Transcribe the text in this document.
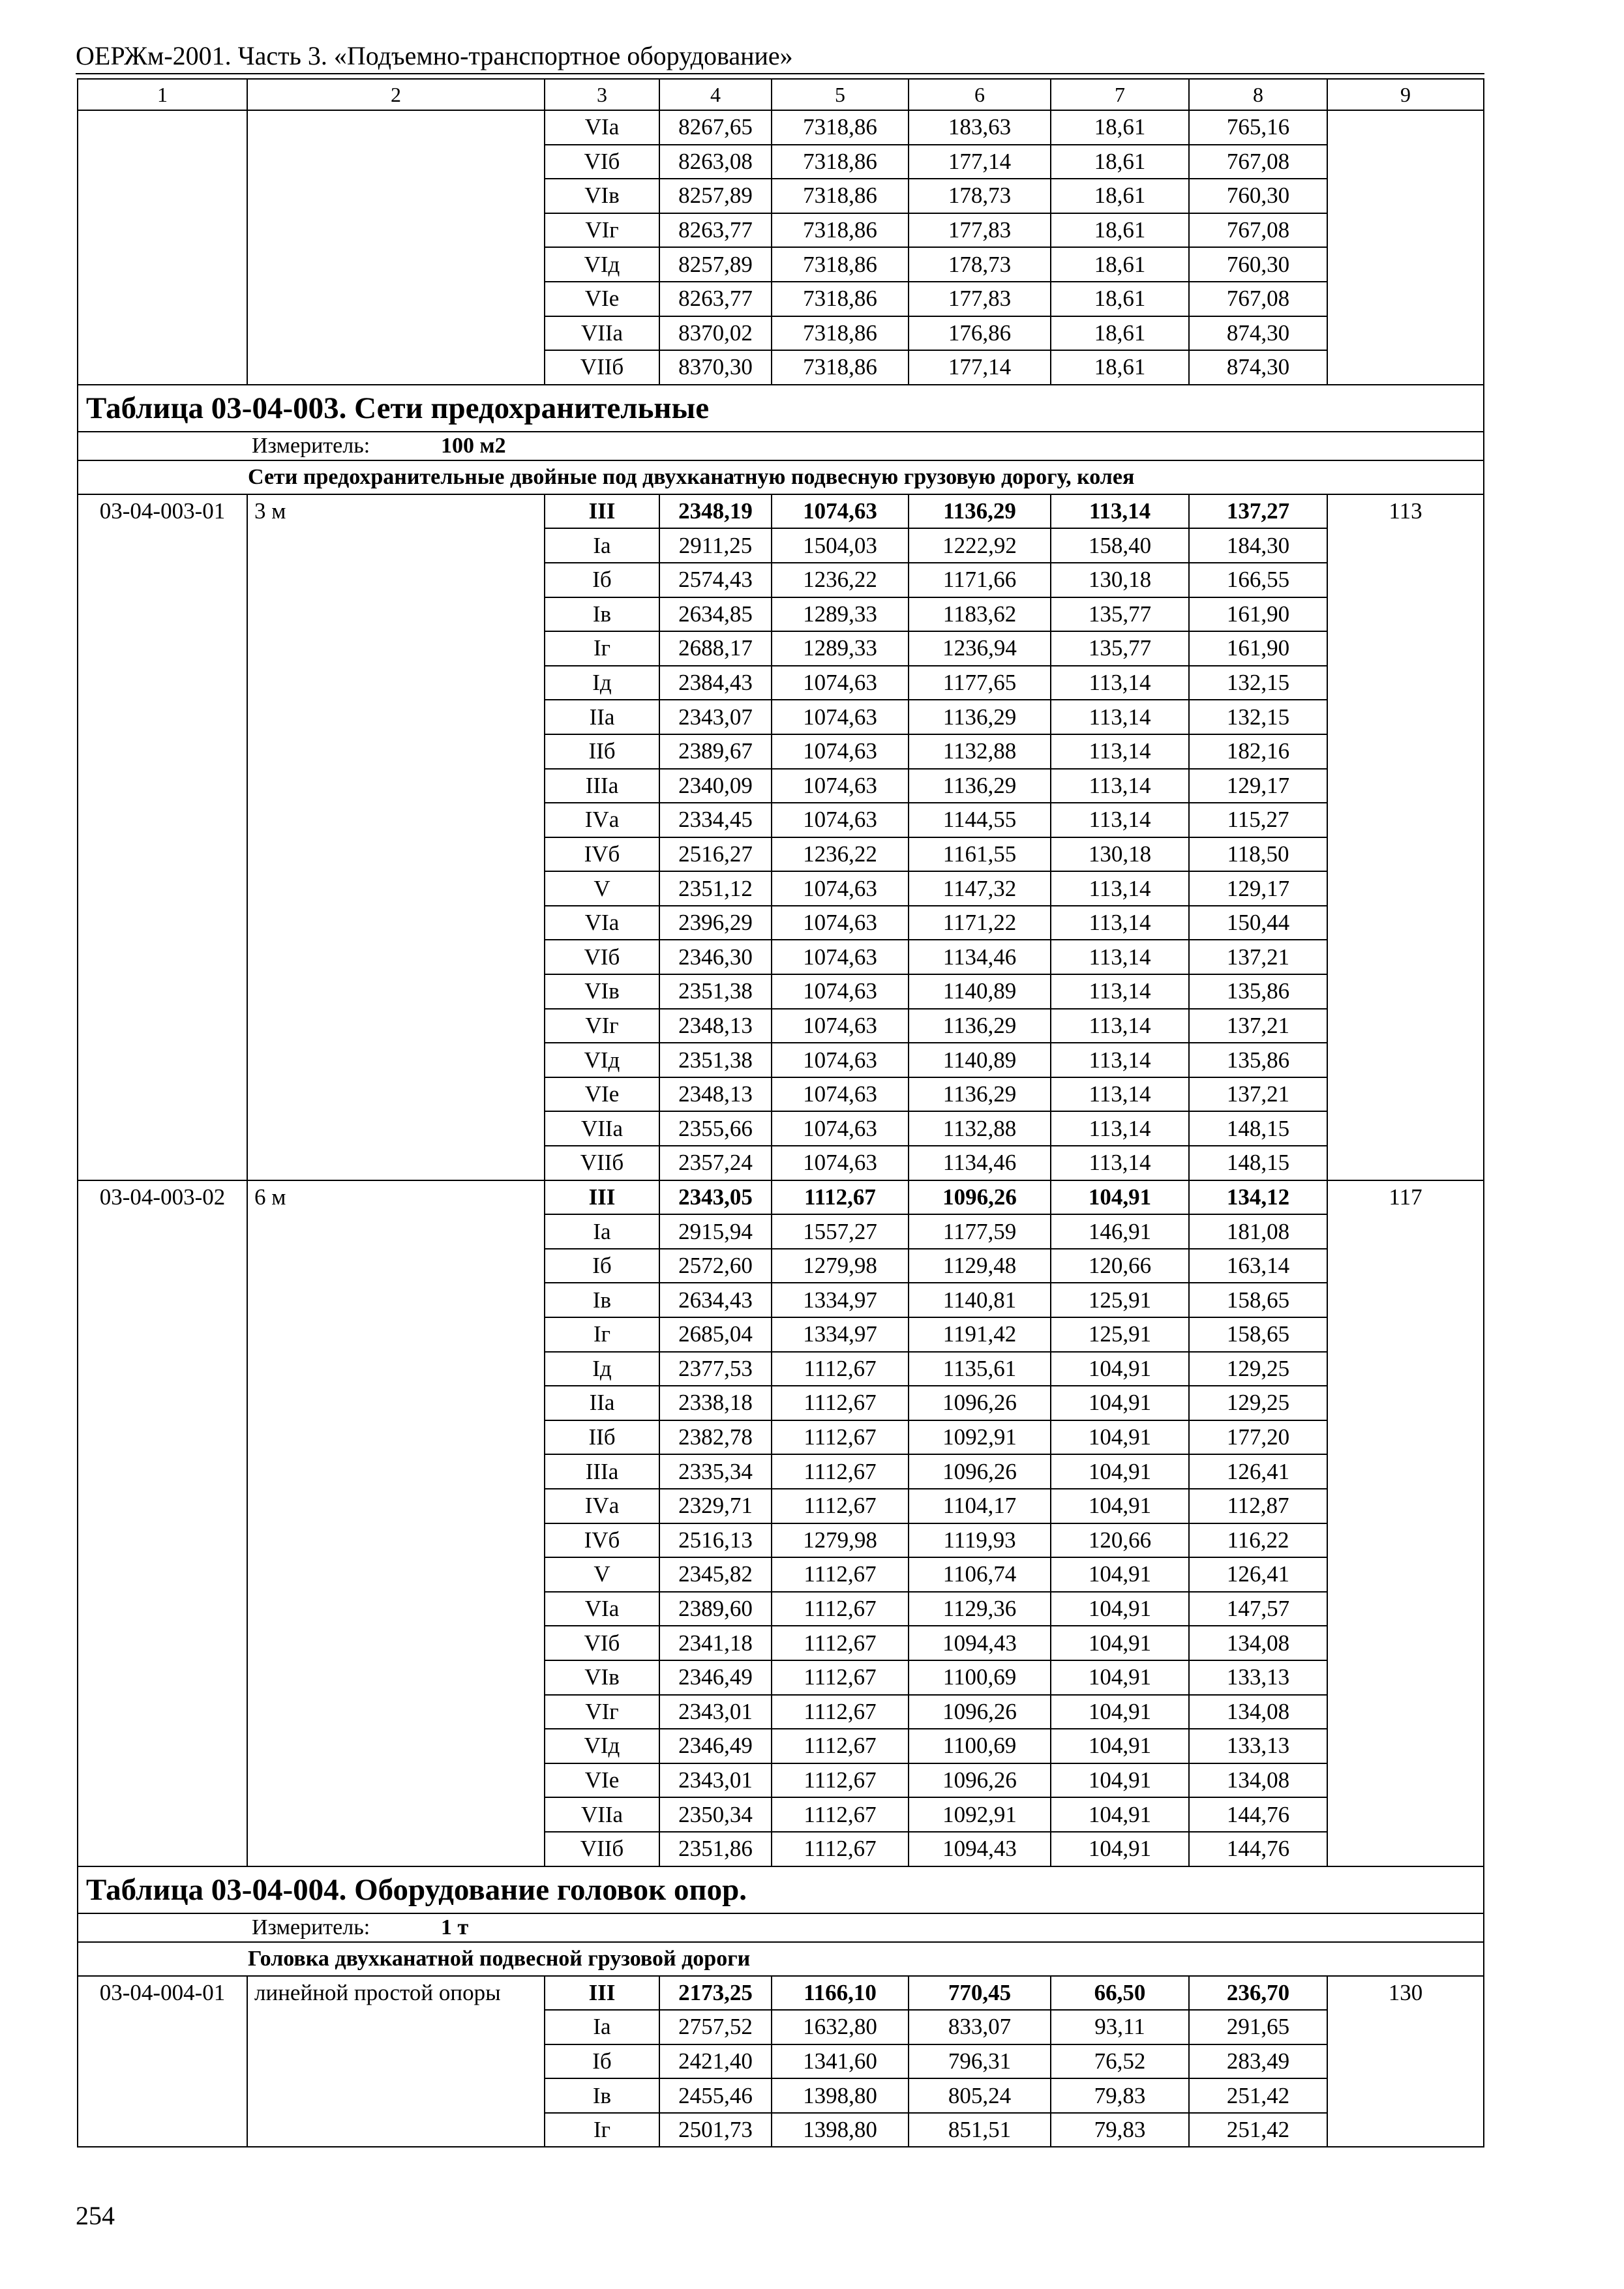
ОЕРЖм-2001. Часть 3. «Подъемно-транспортное оборудование»
1	2	3	4	5	6	7	8	9
		VIа	8267,65	7318,86	183,63	18,61	765,16	
		VIб	8263,08	7318,86	177,14	18,61	767,08	
		VIв	8257,89	7318,86	178,73	18,61	760,30	
		VIг	8263,77	7318,86	177,83	18,61	767,08	
		VIд	8257,89	7318,86	178,73	18,61	760,30	
		VIе	8263,77	7318,86	177,83	18,61	767,08	
		VIIа	8370,02	7318,86	176,86	18,61	874,30	
		VIIб	8370,30	7318,86	177,14	18,61	874,30	
Таблица 03-04-003. Сети предохранительные								
Измеритель: 100 м2								
Сети предохранительные двойные под двухканатную подвесную грузовую дорогу, колея								
03-04-003-01	3 м	III	2348,19	1074,63	1136,29	113,14	137,27	113
		Iа	2911,25	1504,03	1222,92	158,40	184,30	
		Iб	2574,43	1236,22	1171,66	130,18	166,55	
		Iв	2634,85	1289,33	1183,62	135,77	161,90	
		Iг	2688,17	1289,33	1236,94	135,77	161,90	
		Iд	2384,43	1074,63	1177,65	113,14	132,15	
		IIа	2343,07	1074,63	1136,29	113,14	132,15	
		IIб	2389,67	1074,63	1132,88	113,14	182,16	
		IIIа	2340,09	1074,63	1136,29	113,14	129,17	
		IVа	2334,45	1074,63	1144,55	113,14	115,27	
		IVб	2516,27	1236,22	1161,55	130,18	118,50	
		V	2351,12	1074,63	1147,32	113,14	129,17	
		VIа	2396,29	1074,63	1171,22	113,14	150,44	
		VIб	2346,30	1074,63	1134,46	113,14	137,21	
		VIв	2351,38	1074,63	1140,89	113,14	135,86	
		VIг	2348,13	1074,63	1136,29	113,14	137,21	
		VIд	2351,38	1074,63	1140,89	113,14	135,86	
		VIе	2348,13	1074,63	1136,29	113,14	137,21	
		VIIа	2355,66	1074,63	1132,88	113,14	148,15	
		VIIб	2357,24	1074,63	1134,46	113,14	148,15	
03-04-003-02	6 м	III	2343,05	1112,67	1096,26	104,91	134,12	117
		Iа	2915,94	1557,27	1177,59	146,91	181,08	
		Iб	2572,60	1279,98	1129,48	120,66	163,14	
		Iв	2634,43	1334,97	1140,81	125,91	158,65	
		Iг	2685,04	1334,97	1191,42	125,91	158,65	
		Iд	2377,53	1112,67	1135,61	104,91	129,25	
		IIа	2338,18	1112,67	1096,26	104,91	129,25	
		IIб	2382,78	1112,67	1092,91	104,91	177,20	
		IIIа	2335,34	1112,67	1096,26	104,91	126,41	
		IVа	2329,71	1112,67	1104,17	104,91	112,87	
		IVб	2516,13	1279,98	1119,93	120,66	116,22	
		V	2345,82	1112,67	1106,74	104,91	126,41	
		VIа	2389,60	1112,67	1129,36	104,91	147,57	
		VIб	2341,18	1112,67	1094,43	104,91	134,08	
		VIв	2346,49	1112,67	1100,69	104,91	133,13	
		VIг	2343,01	1112,67	1096,26	104,91	134,08	
		VIд	2346,49	1112,67	1100,69	104,91	133,13	
		VIе	2343,01	1112,67	1096,26	104,91	134,08	
		VIIа	2350,34	1112,67	1092,91	104,91	144,76	
		VIIб	2351,86	1112,67	1094,43	104,91	144,76	
Таблица 03-04-004. Оборудование головок опор.								
Измеритель: 1 т								
Головка двухканатной подвесной грузовой дороги								
03-04-004-01	линейной простой опоры	III	2173,25	1166,10	770,45	66,50	236,70	130
		Iа	2757,52	1632,80	833,07	93,11	291,65	
		Iб	2421,40	1341,60	796,31	76,52	283,49	
		Iв	2455,46	1398,80	805,24	79,83	251,42	
		Iг	2501,73	1398,80	851,51	79,83	251,42	
254
